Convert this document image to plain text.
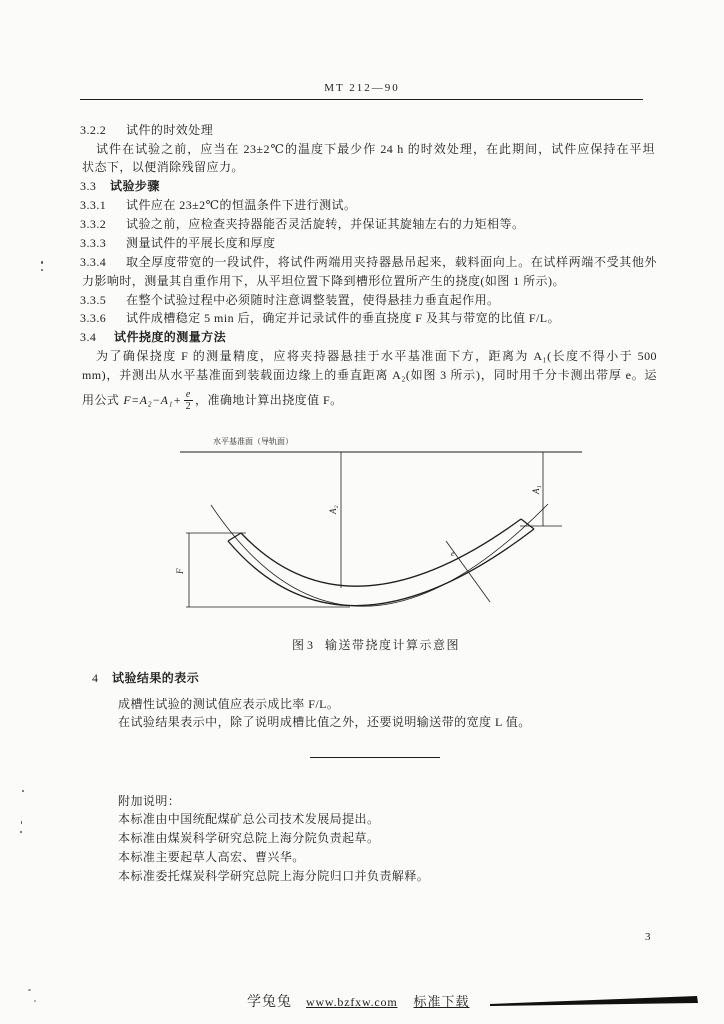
MT 212—90
3.2.2 试件的时效处理
试件在试验之前，应当在 23±2℃的温度下最少作 24 h 的时效处理，在此期间，试件应保持在平坦
状态下，以便消除残留应力。
3.3 试验步骤
3.3.1 试件应在 23±2℃的恒温条件下进行测试。
3.3.2 试验之前，应检查夹持器能否灵活旋转，并保证其旋轴左右的力矩相等。
3.3.3 测量试件的平展长度和厚度
3.3.4 取全厚度带宽的一段试件，将试件两端用夹持器悬吊起来，载料面向上。在试样两端不受其他外
力影响时，测量其自重作用下，从平坦位置下降到槽形位置所产生的挠度(如图 1 所示)。
3.3.5 在整个试验过程中必须随时注意调整装置，使得悬挂力垂直起作用。
3.3.6 试件成槽稳定 5 min 后，确定并记录试件的垂直挠度 F 及其与带宽的比值 F/L。
3.4 试件挠度的测量方法
为了确保挠度 F 的测量精度，应将夹持器悬挂于水平基准面下方，距离为 A₁(长度不得小于 500
mm)，并测出从水平基准面到装载面边缘上的垂直距离 A₂(如图 3 所示)，同时用千分卡测出带厚 e。运
用公式 $F=A_2-A_1+ \frac{e}{2}$ ，准确地计算出挠度值 F。
水平基准面（导轨面）
A₂
A₁
F
e
图 3 输送带挠度计算示意图
4 试验结果的表示
成槽性试验的测试值应表示成比率 F/L。
在试验结果表示中，除了说明成槽比值之外，还要说明输送带的宽度 L 值。
附加说明：
本标准由中国统配煤矿总公司技术发展局提出。
本标准由煤炭科学研究总院上海分院负责起草。
本标准主要起草人高宏、曹兴华。
本标准委托煤炭科学研究总院上海分院归口并负责解释。
3
学兔兔 www.bzfxw.com 标准下载
